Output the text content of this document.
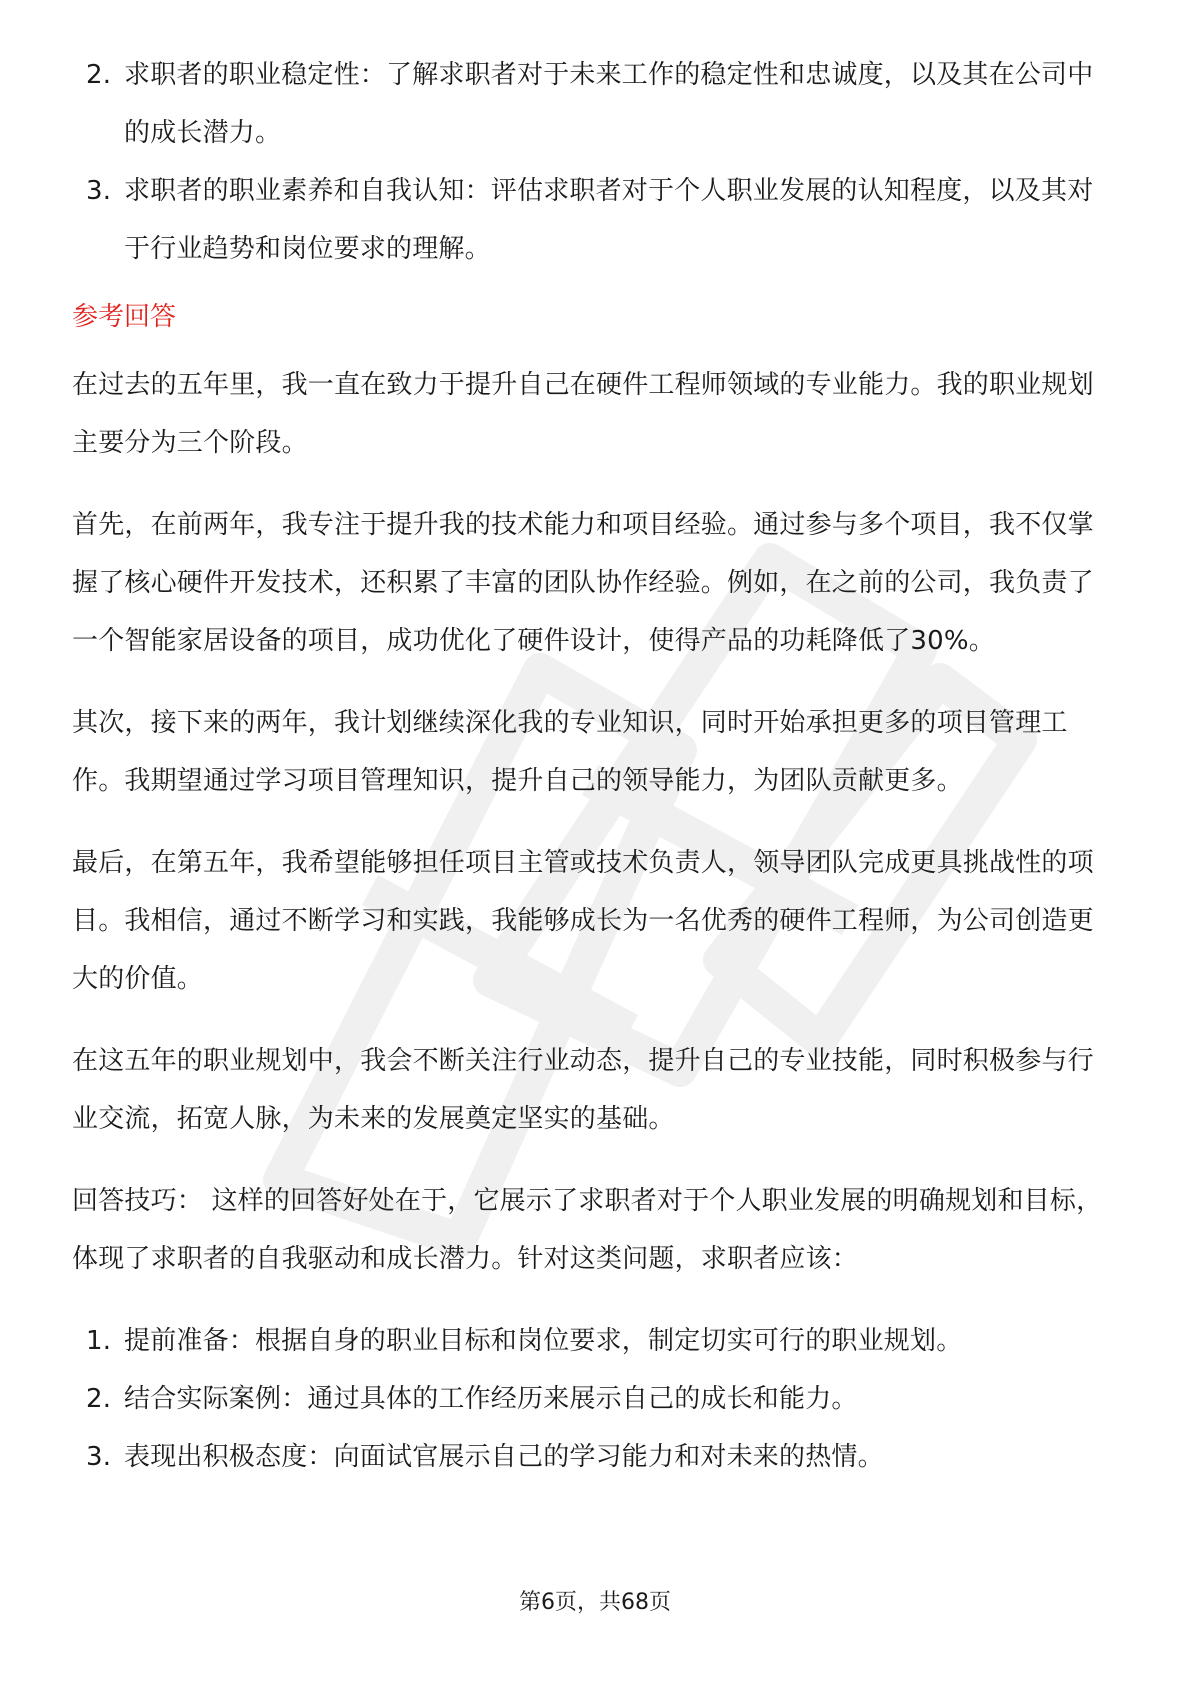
2. 求职者的职业稳定性：了解求职者对于未来工作的稳定性和忠诚度，以及其在公司中的成长潜力。
3. 求职者的职业素养和自我认知：评估求职者对于个人职业发展的认知程度，以及其对于行业趋势和岗位要求的理解。
参考回答

在过去的五年里，我一直在致力于提升自己在硬件工程师领域的专业能力。我的职业规划主要分为三个阶段。

首先，在前两年，我专注于提升我的技术能力和项目经验。通过参与多个项目，我不仅掌握了核心硬件开发技术，还积累了丰富的团队协作经验。例如，在之前的公司，我负责了一个智能家居设备的项目，成功优化了硬件设计，使得产品的功耗降低了30%。

其次，接下来的两年，我计划继续深化我的专业知识，同时开始承担更多的项目管理工作。我期望通过学习项目管理知识，提升自己的领导能力，为团队贡献更多。

最后，在第五年，我希望能够担任项目主管或技术负责人，领导团队完成更具挑战性的项目。我相信，通过不断学习和实践，我能够成长为一名优秀的硬件工程师，为公司创造更大的价值。

在这五年的职业规划中，我会不断关注行业动态，提升自己的专业技能，同时积极参与行业交流，拓宽人脉，为未来的发展奠定坚实的基础。

回答技巧： 这样的回答好处在于，它展示了求职者对于个人职业发展的明确规划和目标，体现了求职者的自我驱动和成长潜力。针对这类问题，求职者应该：

1. 提前准备：根据自身的职业目标和岗位要求，制定切实可行的职业规划。
2. 结合实际案例：通过具体的工作经历来展示自己的成长和能力。
3. 表现出积极态度：向面试官展示自己的学习能力和对未来的热情。
第6页，共68页
